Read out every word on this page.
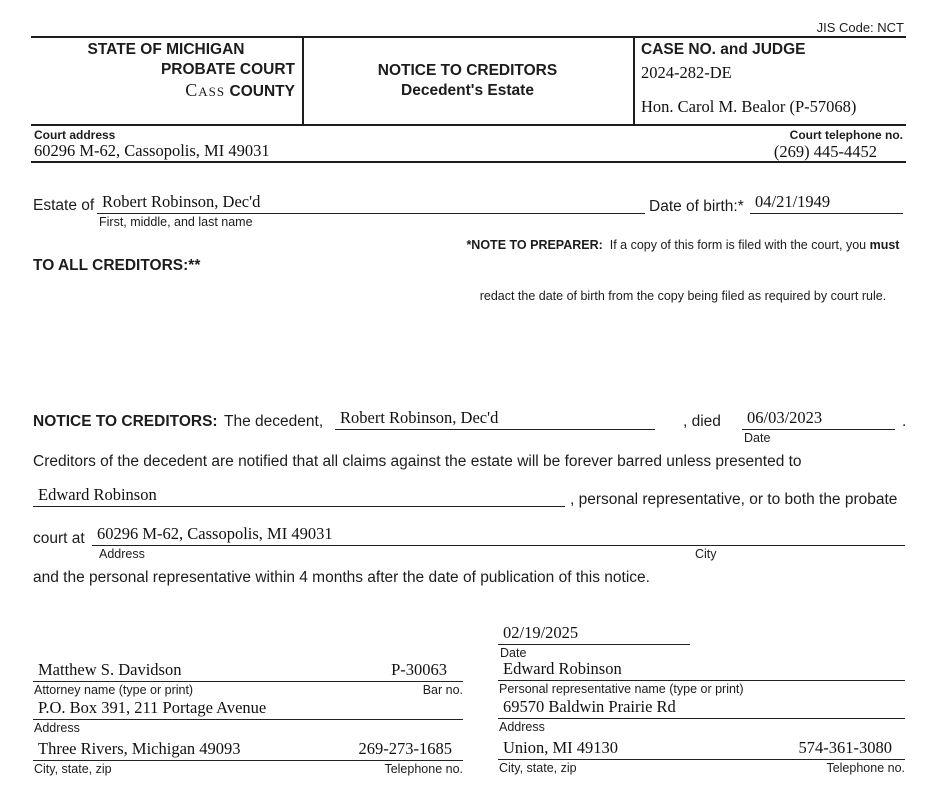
JIS Code: NCT
STATE OF MICHIGAN
PROBATE COURT
Cass COUNTY
NOTICE TO CREDITORS
Decedent's Estate
CASE NO. and JUDGE
2024-282-DE
Hon. Carol M. Bealor (P-57068)
Court address
60296 M-62, Cassopolis, MI 49031
Court telephone no.
(269) 445-4452
Estate of Robert Robinson, Dec'd
First, middle, and last name
Date of birth:* 04/21/1949

*NOTE TO PREPARER:  If a copy of this form is filed with the court, you must

redact the date of birth from the copy being filed as required by court rule.

TO ALL CREDITORS:**
NOTICE TO CREDITORS: The decedent, Robert Robinson, Dec'd	, died 06/03/2023	.
Date
Creditors of the decedent are notified that all claims against the estate will be forever barred unless presented to
Edward Robinson	, personal representative, or to both the probate
court at 60296 M-62, Cassopolis, MI 49031
Address	City
and the personal representative within 4 months after the date of publication of this notice.
02/19/2025
Date
Matthew S. Davidson	P-30063
Attorney name (type or print)	Bar no.
P.O. Box 391, 211 Portage Avenue
Address
Three Rivers, Michigan 49093	269-273-1685
City, state, zip	Telephone no.
Edward Robinson
Personal representative name (type or print)
69570 Baldwin Prairie Rd
Address
Union, MI 49130	574-361-3080
City, state, zip	Telephone no.
